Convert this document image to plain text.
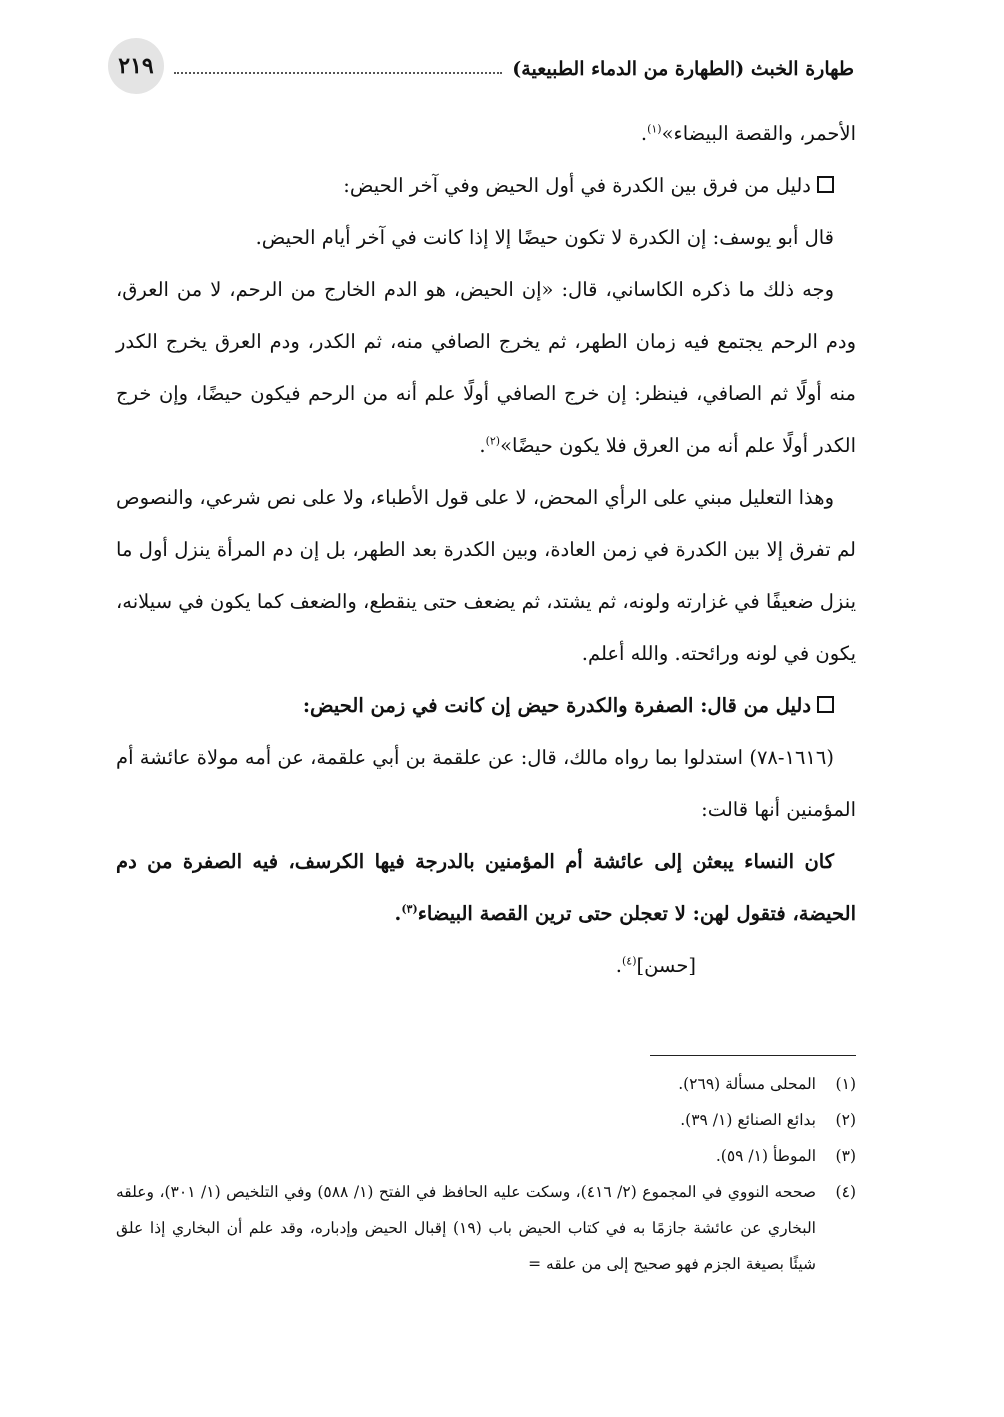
طهارة الخبث (الطهارة من الدماء الطبيعية)
٢١٩

الأحمر، والقصة البيضاء»$^{(١)}$.

دليل من فرق بين الكدرة في أول الحيض وفي آخر الحيض:

قال أبو يوسف: إن الكدرة لا تكون حيضًا إلا إذا كانت في آخر أيام الحيض.

وجه ذلك ما ذكره الكاساني، قال: «إن الحيض، هو الدم الخارج من الرحم، لا من العرق، ودم الرحم يجتمع فيه زمان الطهر، ثم يخرج الصافي منه، ثم الكدر، ودم العرق يخرج الكدر منه أولًا ثم الصافي، فينظر: إن خرج الصافي أولًا علم أنه من الرحم فيكون حيضًا، وإن خرج الكدر أولًا علم أنه من العرق فلا يكون حيضًا»$^{(٢)}$.

وهذا التعليل مبني على الرأي المحض، لا على قول الأطباء، ولا على نص شرعي، والنصوص لم تفرق إلا بين الكدرة في زمن العادة، وبين الكدرة بعد الطهر، بل إن دم المرأة ينزل أول ما ينزل ضعيفًا في غزارته ولونه، ثم يشتد، ثم يضعف حتى ينقطع، والضعف كما يكون في سيلانه، يكون في لونه ورائحته. والله أعلم.

دليل من قال: الصفرة والكدرة حيض إن كانت في زمن الحيض:

(١٦١٦-٧٨) استدلوا بما رواه مالك، قال: عن علقمة بن أبي علقمة، عن أمه مولاة عائشة أم المؤمنين أنها قالت:

كان النساء يبعثن إلى عائشة أم المؤمنين بالدرجة فيها الكرسف، فيه الصفرة من دم الحيضة، فتقول لهن: لا تعجلن حتى ترين القصة البيضاء$^{(٣)}$.

[حسن]$^{(٤)}$.

(١)
المحلى مسألة (٢٦٩).
(٢)
بدائع الصنائع (١/ ٣٩).
(٣)
الموطأ (١/ ٥٩).
(٤)
صححه النووي في المجموع (٢/ ٤١٦)، وسكت عليه الحافظ في الفتح (١/ ٥٨٨) وفي التلخيص (١/ ٣٠١)، وعلقه البخاري عن عائشة جازمًا به في كتاب الحيض باب (١٩) إقبال الحيض وإدباره، وقد علم أن البخاري إذا علق شيئًا بصيغة الجزم فهو صحيح إلى من علقه =
